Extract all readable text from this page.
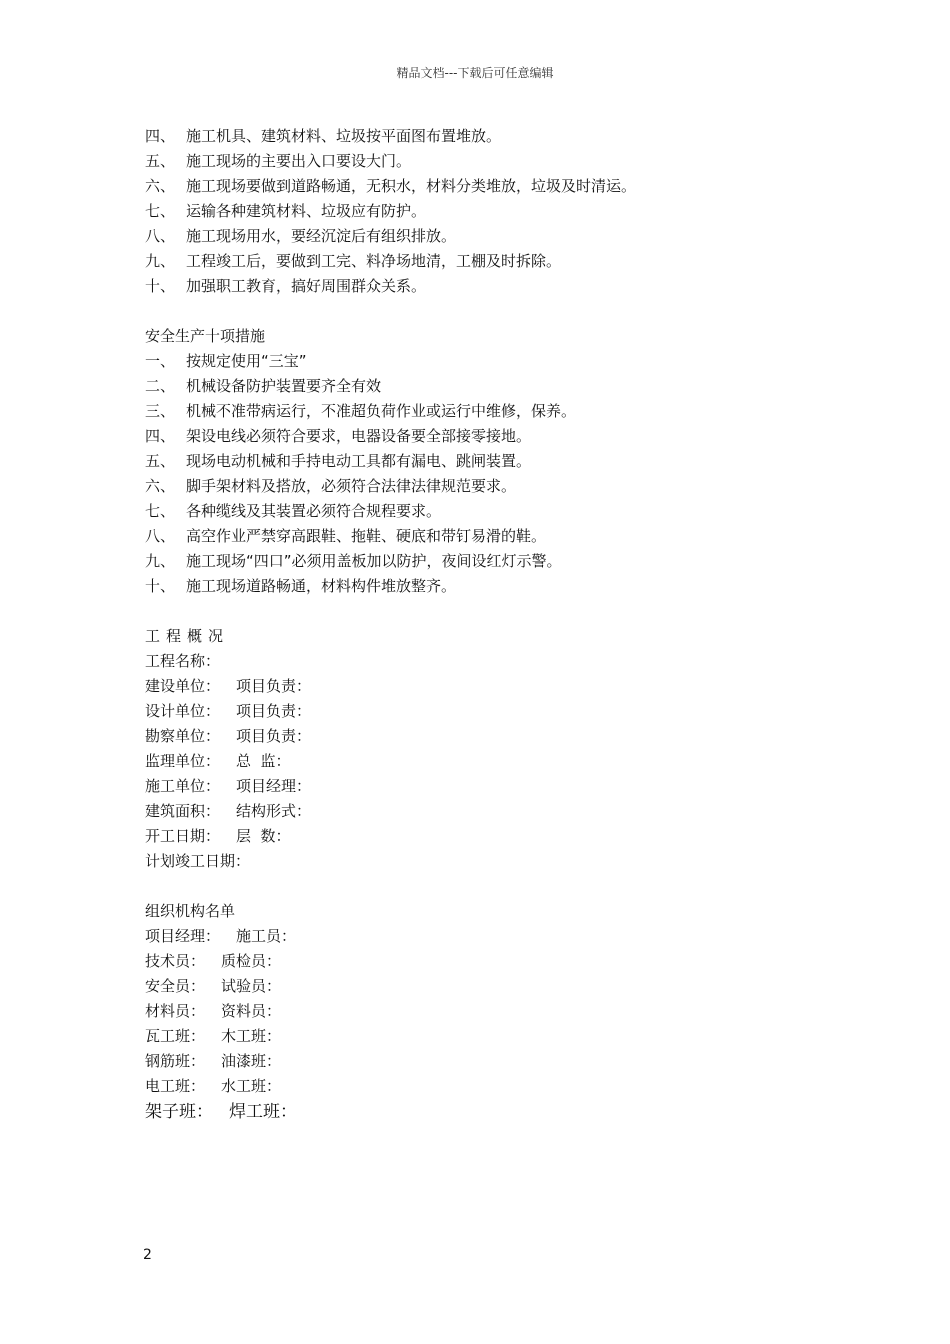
精品文档---下载后可任意编辑
四、 施工机具、建筑材料、垃圾按平面图布置堆放。
五、 施工现场的主要出入口要设大门。
六、 施工现场要做到道路畅通，无积水，材料分类堆放，垃圾及时清运。
七、 运输各种建筑材料、垃圾应有防护。
八、 施工现场用水，要经沉淀后有组织排放。
九、 工程竣工后，要做到工完、料净场地清，工棚及时拆除。
十、 加强职工教育，搞好周围群众关系。
安全生产十项措施
一、 按规定使用“三宝”
二、 机械设备防护装置要齐全有效
三、 机械不准带病运行，不准超负荷作业或运行中维修，保养。
四、 架设电线必须符合要求，电器设备要全部接零接地。
五、 现场电动机械和手持电动工具都有漏电、跳闸装置。
六、 脚手架材料及搭放，必须符合法律法律规范要求。
七、 各种缆线及其装置必须符合规程要求。
八、 高空作业严禁穿高跟鞋、拖鞋、硬底和带钉易滑的鞋。
九、 施工现场“四口”必须用盖板加以防护，夜间设红灯示警。
十、 施工现场道路畅通，材料构件堆放整齐。
工程概况
工程名称：
建设单位： 项目负责：
设计单位： 项目负责：
勘察单位： 项目负责：
监理单位： 总  监：
施工单位： 项目经理：
建筑面积： 结构形式：
开工日期： 层  数：
计划竣工日期：
组织机构名单
项目经理： 施工员：
技术员： 质检员：
安全员： 试验员：
材料员： 资料员：
瓦工班： 木工班：
钢筋班： 油漆班：
电工班： 水工班：
架子班： 焊工班：
2
